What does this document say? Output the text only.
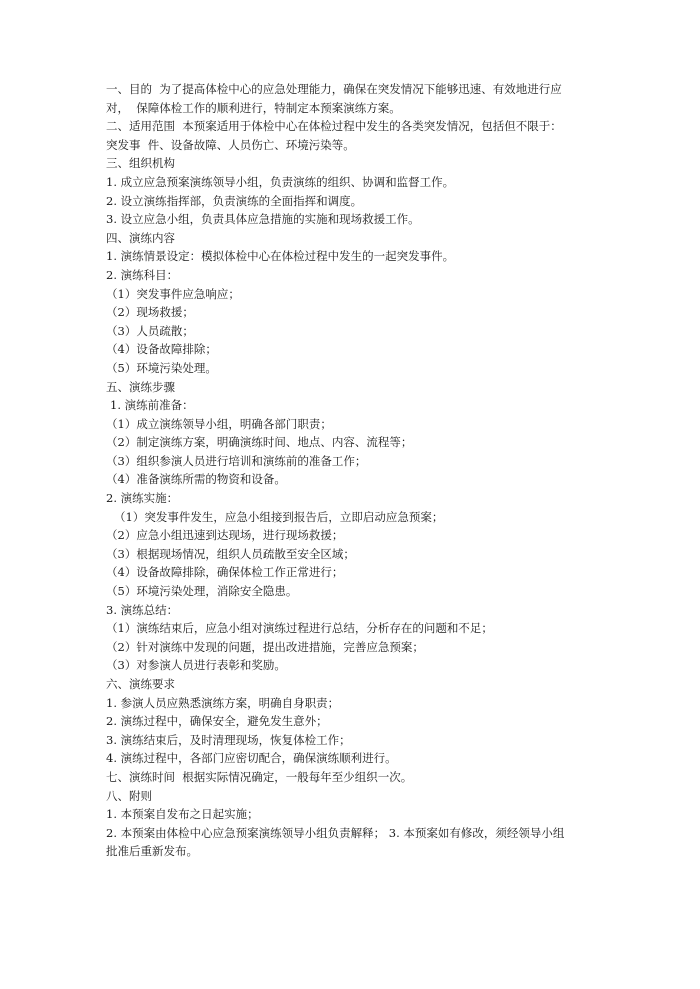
一、目的  为了提高体检中心的应急处理能力，确保在突发情况下能够迅速、有效地进行应
对，  保障体检工作的顺利进行，特制定本预案演练方案。
二、适用范围  本预案适用于体检中心在体检过程中发生的各类突发情况，包括但不限于：
突发事  件、设备故障、人员伤亡、环境污染等。
三、组织机构
1. 成立应急预案演练领导小组，负责演练的组织、协调和监督工作。
2. 设立演练指挥部，负责演练的全面指挥和调度。
3. 设立应急小组，负责具体应急措施的实施和现场救援工作。
四、演练内容
1. 演练情景设定：模拟体检中心在体检过程中发生的一起突发事件。
2. 演练科目：
（1）突发事件应急响应；
（2）现场救援；
（3）人员疏散；
（4）设备故障排除；
（5）环境污染处理。
五、演练步骤
1. 演练前准备：
（1）成立演练领导小组，明确各部门职责；
（2）制定演练方案，明确演练时间、地点、内容、流程等；
（3）组织参演人员进行培训和演练前的准备工作；
（4）准备演练所需的物资和设备。
2. 演练实施：
（1）突发事件发生，应急小组接到报告后，立即启动应急预案；
（2）应急小组迅速到达现场，进行现场救援；
（3）根据现场情况，组织人员疏散至安全区域；
（4）设备故障排除，确保体检工作正常进行；
（5）环境污染处理，消除安全隐患。
3. 演练总结：
（1）演练结束后，应急小组对演练过程进行总结，分析存在的问题和不足；
（2）针对演练中发现的问题，提出改进措施，完善应急预案；
（3）对参演人员进行表彰和奖励。
六、演练要求
1. 参演人员应熟悉演练方案，明确自身职责；
2. 演练过程中，确保安全，避免发生意外；
3. 演练结束后，及时清理现场，恢复体检工作；
4. 演练过程中，各部门应密切配合，确保演练顺利进行。
七、演练时间  根据实际情况确定，一般每年至少组织一次。
八、附则
1. 本预案自发布之日起实施；
2. 本预案由体检中心应急预案演练领导小组负责解释； 3. 本预案如有修改，须经领导小组
批准后重新发布。
